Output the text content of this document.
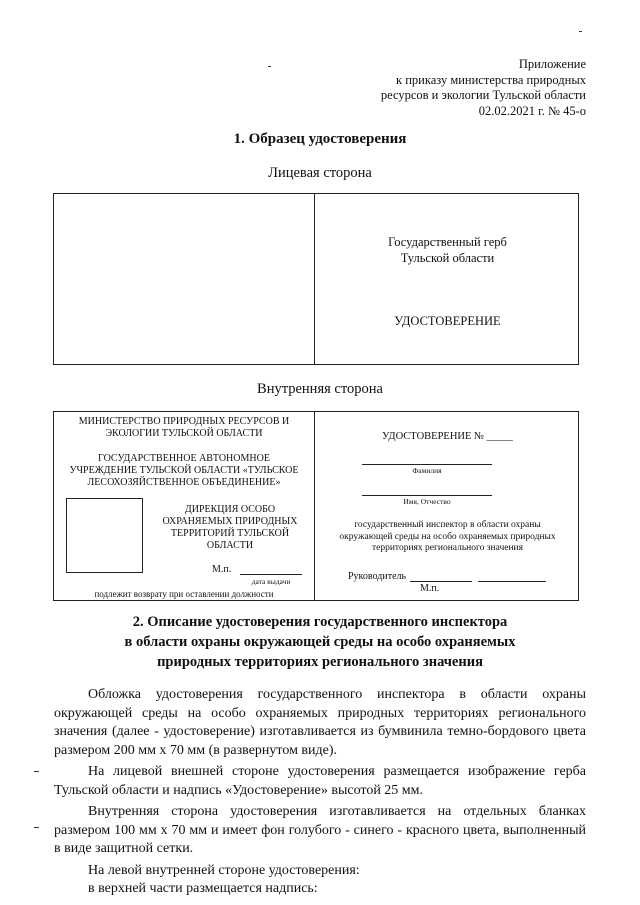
Приложение
к приказу министерства природных
ресурсов и экологии Тульской области
02.02.2021 г. № 45-о
1. Образец удостоверения
Лицевая сторона
Государственный герб
Тульской области
УДОСТОВЕРЕНИЕ
Внутренняя сторона
МИНИСТЕРСТВО ПРИРОДНЫХ РЕСУРСОВ И
ЭКОЛОГИИ ТУЛЬСКОЙ ОБЛАСТИ
ГОСУДАРСТВЕННОЕ АВТОНОМНОЕ
УЧРЕЖДЕНИЕ ТУЛЬСКОЙ ОБЛАСТИ «ТУЛЬСКОЕ
ЛЕСОХОЗЯЙСТВЕННОЕ ОБЪЕДИНЕНИЕ»
ДИРЕКЦИЯ ОСОБО
ОХРАНЯЕМЫХ ПРИРОДНЫХ
ТЕРРИТОРИЙ ТУЛЬСКОЙ
ОБЛАСТИ
М.п.
дата выдачи
подлежит возврату при оставлении должности
УДОСТОВЕРЕНИЕ № _____
Фамилия
Имя, Отчество
государственный инспектор в области охраны
окружающей среды на особо охраняемых природных
территориях регионального значения
Руководитель
М.п.
2. Описание удостоверения государственного инспектора
в области охраны окружающей среды на особо охраняемых
природных территориях регионального значения

Обложка удостоверения государственного инспектора в области охраны окружающей среды на особо охраняемых природных территориях регионального значения (далее - удостоверение) изготавливается из бумвинила темно-бордового цвета размером 200 мм х 70 мм (в развернутом виде).

На лицевой внешней стороне удостоверения размещается изображение герба Тульской области и надпись «Удостоверение» высотой 25 мм.

Внутренняя сторона удостоверения изготавливается на отдельных бланках размером 100 мм х 70 мм и имеет фон голубого - синего - красного цвета, выполненный в виде защитной сетки.

На левой внутренней стороне удостоверения:

в верхней части размещается надпись:
